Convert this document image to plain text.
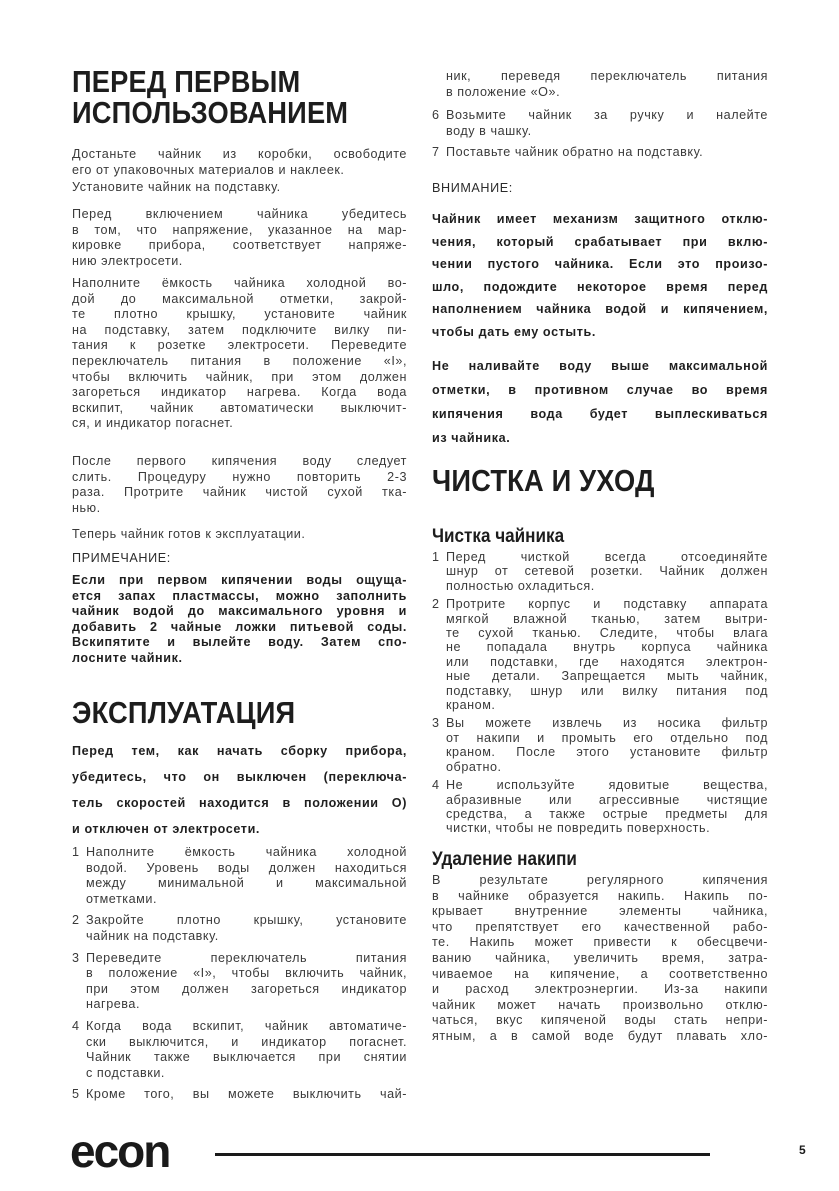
ПЕРЕД ПЕРВЫМ
ИСПОЛЬЗОВАНИЕМ
Достаньте чайник из коробки, освободите
его от упаковочных материалов и наклеек.
Установите чайник на подставку.
Перед включением чайника убедитесь
в том, что напряжение, указанное на мар-
кировке прибора, соответствует напряже-
нию электросети.
Наполните ёмкость чайника холодной во-
дой до максимальной отметки, закрой-
те плотно крышку, установите чайник
на подставку, затем подключите вилку пи-
тания к розетке электросети. Переведите
переключатель питания в положение «I»,
чтобы включить чайник, при этом должен
загореться индикатор нагрева. Когда вода
вскипит, чайник автоматически выключит-
ся, и индикатор погаснет.
После первого кипячения воду следует
слить. Процедуру нужно повторить 2-3
раза. Протрите чайник чистой сухой тка-
нью.
Теперь чайник готов к эксплуатации.
ПРИМЕЧАНИЕ:
Если при первом кипячении воды ощуща-
ется запах пластмассы, можно заполнить
чайник водой до максимального уровня и
добавить 2 чайные ложки питьевой соды.
Вскипятите и вылейте воду. Затем спо-
лосните чайник.
ЭКСПЛУАТАЦИЯ
Перед тем, как начать сборку прибора,
убедитесь, что он выключен (переключа-
тель скоростей находится в положении О)
и отключен от электросети.
1 Наполните ёмкость чайника холодной
водой. Уровень воды должен находиться
между минимальной и максимальной
отметками.
2 Закройте плотно крышку, установите
чайник на подставку.
3 Переведите переключатель питания
в положение «I», чтобы включить чайник,
при этом должен загореться индикатор
нагрева.
4 Когда вода вскипит, чайник автоматиче-
ски выключится, и индикатор погаснет.
Чайник также выключается при снятии
с подставки.
5 Кроме того, вы можете выключить чай-
ник, переведя переключатель питания
в положение «О».
6 Возьмите чайник за ручку и налейте
воду в чашку.
7 Поставьте чайник обратно на подставку.
ВНИМАНИЕ:
Чайник имеет механизм защитного отклю-
чения, который срабатывает при вклю-
чении пустого чайника. Если это произо-
шло, подождите некоторое время перед
наполнением чайника водой и кипячением,
чтобы дать ему остыть.
Не наливайте воду выше максимальной
отметки, в противном случае во время
кипячения вода будет выплескиваться
из чайника.
ЧИСТКА И УХОД
Чистка чайника
1 Перед чисткой всегда отсоединяйте
шнур от сетевой розетки. Чайник должен
полностью охладиться.
2 Протрите корпус и подставку аппарата
мягкой влажной тканью, затем вытри-
те сухой тканью. Следите, чтобы влага
не попадала внутрь корпуса чайника
или подставки, где находятся электрон-
ные детали. Запрещается мыть чайник,
подставку, шнур или вилку питания под
краном.
3 Вы можете извлечь из носика фильтр
от накипи и промыть его отдельно под
краном. После этого установите фильтр
обратно.
4 Не используйте ядовитые вещества,
абразивные или агрессивные чистящие
средства, а также острые предметы для
чистки, чтобы не повредить поверхность.
Удаление накипи
В результате регулярного кипячения
в чайнике образуется накипь. Накипь по-
крывает внутренние элементы чайника,
что препятствует его качественной рабо-
те. Накипь может привести к обесцвечи-
ванию чайника, увеличить время, затра-
чиваемое на кипячение, а соответственно
и расход электроэнергии. Из-за накипи
чайник может начать произвольно отклю-
чаться, вкус кипяченой воды стать непри-
ятным, а в самой воде будут плавать хло-
econ	5
